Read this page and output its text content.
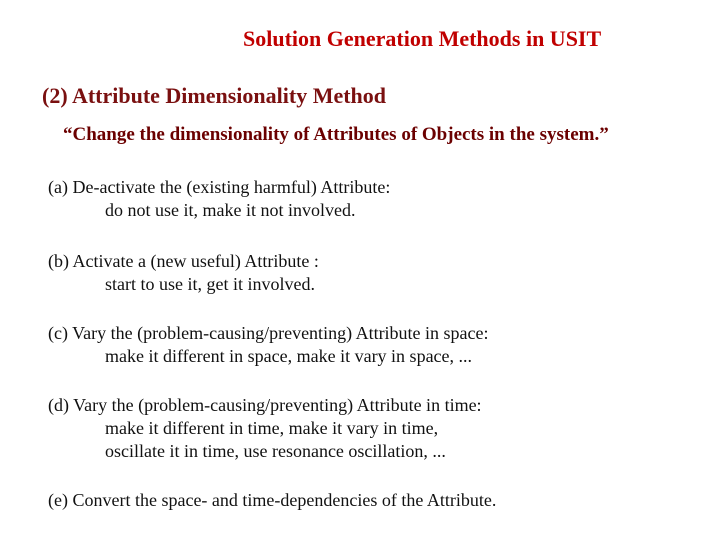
Solution Generation Methods in USIT
(2) Attribute Dimensionality Method
“Change the dimensionality of Attributes of Objects in the system.”
(a) De-activate the (existing harmful) Attribute:
do not use it, make it not involved.
(b) Activate a (new useful) Attribute :
start to use it, get it involved.
(c) Vary the (problem-causing/preventing) Attribute in space:
make it different in space, make it vary in space, ...
(d) Vary the (problem-causing/preventing) Attribute in time:
make it different in time, make it vary in time,
oscillate it in time, use resonance oscillation, ...
(e) Convert the space- and time-dependencies of the Attribute.
